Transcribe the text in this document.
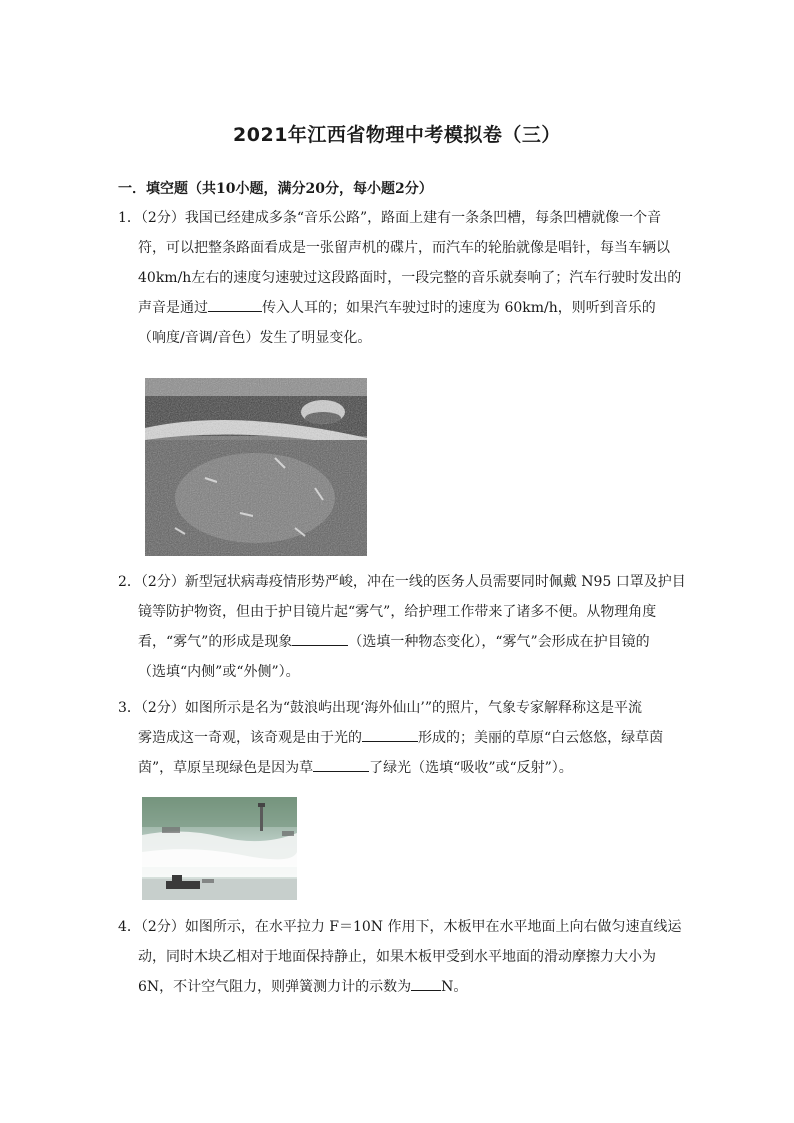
2021年江西省物理中考模拟卷（三）
一．填空题（共10小题，满分20分，每小题2分）
1．（2分）我国已经建成多条“音乐公路”，路面上建有一条条凹槽，每条凹槽就像一个音
符，可以把整条路面看成是一张留声机的碟片，而汽车的轮胎就像是唱针，每当车辆以
40km/h左右的速度匀速驶过这段路面时，一段完整的音乐就奏响了；汽车行驶时发出的
声音是通过	传入人耳的；如果汽车驶过时的速度为 60km/h，则听到音乐的
（响度/音调/音色）发生了明显变化。
2．（2分）新型冠状病毒疫情形势严峻，冲在一线的医务人员需要同时佩戴 N95 口罩及护目
镜等防护物资，但由于护目镜片起“雾气”，给护理工作带来了诸多不便。从物理角度
看，“雾气”的形成是现象	（选填一种物态变化），“雾气”会形成在护目镜的
（选填“内侧”或“外侧”）。
3．（2分）如图所示是名为“鼓浪屿出现‘海外仙山’”的照片，气象专家解释称这是平流
雾造成这一奇观，该奇观是由于光的	形成的；美丽的草原“白云悠悠，绿草茵
茵”，草原呈现绿色是因为草	了绿光（选填“吸收”或“反射”）。
4．（2分）如图所示，在水平拉力 F＝10N 作用下，木板甲在水平地面上向右做匀速直线运
动，同时木块乙相对于地面保持静止，如果木板甲受到水平地面的滑动摩擦力大小为
6N，不计空气阻力，则弹簧测力计的示数为 N。
